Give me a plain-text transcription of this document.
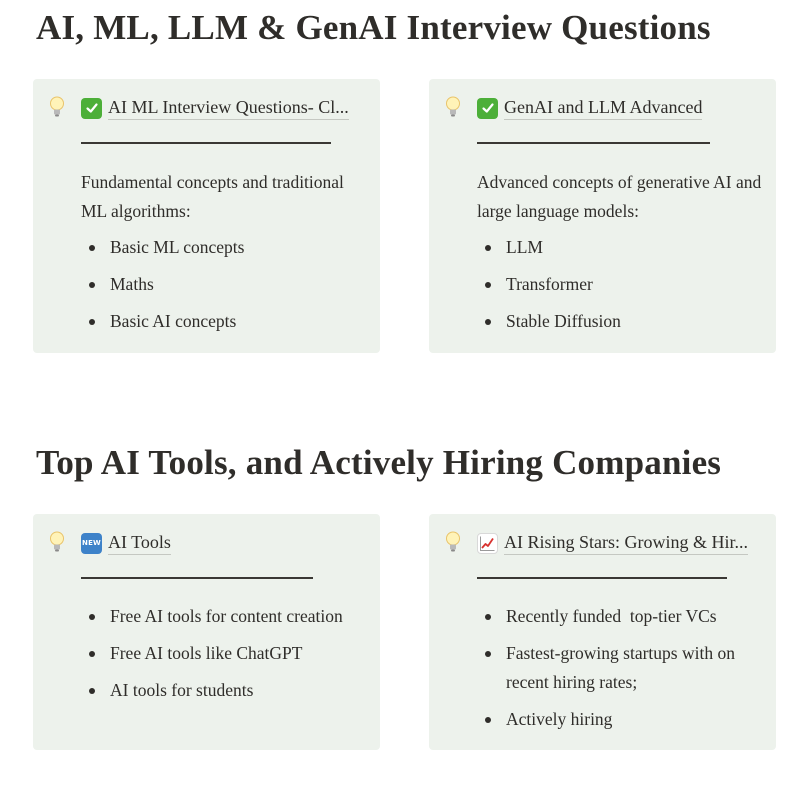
AI, ML, LLM & GenAI Interview Questions
AI ML Interview Questions- Cl...

Fundamental concepts and traditional ML algorithms:

Basic ML concepts
Maths
Basic AI concepts
GenAI and LLM Advanced

Advanced concepts of generative AI and large language models:

LLM
Transformer
Stable Diffusion
Top AI Tools, and Actively Hiring Companies
NEW AI Tools
Free AI tools for content creation
Free AI tools like ChatGPT
AI tools for students
AI Rising Stars: Growing & Hir...
Recently funded  top-tier VCs
Fastest-growing startups with on recent hiring rates;
Actively hiring
